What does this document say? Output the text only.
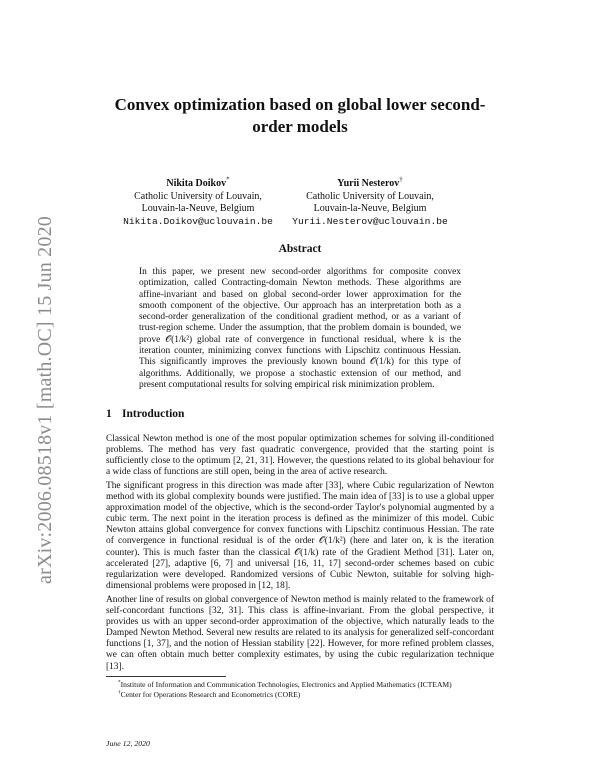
arXiv:2006.08518v1 [math.OC] 15 Jun 2020
Convex optimization based on global lower second-order models
Nikita Doikov*
Catholic University of Louvain,
Louvain-la-Neuve, Belgium
Nikita.Doikov@uclouvain.be
Yurii Nesterov†
Catholic University of Louvain,
Louvain-la-Neuve, Belgium
Yurii.Nesterov@uclouvain.be
Abstract
In this paper, we present new second-order algorithms for composite convex optimization, called Contracting-domain Newton methods. These algorithms are affine-invariant and based on global second-order lower approximation for the smooth component of the objective. Our approach has an interpretation both as a second-order generalization of the conditional gradient method, or as a variant of trust-region scheme. Under the assumption, that the problem domain is bounded, we prove 𝒪(1/k²) global rate of convergence in functional residual, where k is the iteration counter, minimizing convex functions with Lipschitz continuous Hessian. This significantly improves the previously known bound 𝒪(1/k) for this type of algorithms. Additionally, we propose a stochastic extension of our method, and present computational results for solving empirical risk minimization problem.
1 Introduction
Classical Newton method is one of the most popular optimization schemes for solving ill-conditioned problems. The method has very fast quadratic convergence, provided that the starting point is sufficiently close to the optimum [2, 21, 31]. However, the questions related to its global behaviour for a wide class of functions are still open, being in the area of active research.
The significant progress in this direction was made after [33], where Cubic regularization of Newton method with its global complexity bounds were justified. The main idea of [33] is to use a global upper approximation model of the objective, which is the second-order Taylor's polynomial augmented by a cubic term. The next point in the iteration process is defined as the minimizer of this model. Cubic Newton attains global convergence for convex functions with Lipschitz continuous Hessian. The rate of convergence in functional residual is of the order 𝒪(1/k²) (here and later on, k is the iteration counter). This is much faster than the classical 𝒪(1/k) rate of the Gradient Method [31]. Later on, accelerated [27], adaptive [6, 7] and universal [16, 11, 17] second-order schemes based on cubic regularization were developed. Randomized versions of Cubic Newton, suitable for solving high-dimensional problems were proposed in [12, 18].
Another line of results on global convergence of Newton method is mainly related to the framework of self-concordant functions [32, 31]. This class is affine-invariant. From the global perspective, it provides us with an upper second-order approximation of the objective, which naturally leads to the Damped Newton Method. Several new results are related to its analysis for generalized self-concordant functions [1, 37], and the notion of Hessian stability [22]. However, for more refined problem classes, we can often obtain much better complexity estimates, by using the cubic regularization technique [13].
*Institute of Information and Communication Technologies, Electronics and Applied Mathematics (ICTEAM)
†Center for Operations Research and Econometrics (CORE)
June 12, 2020
